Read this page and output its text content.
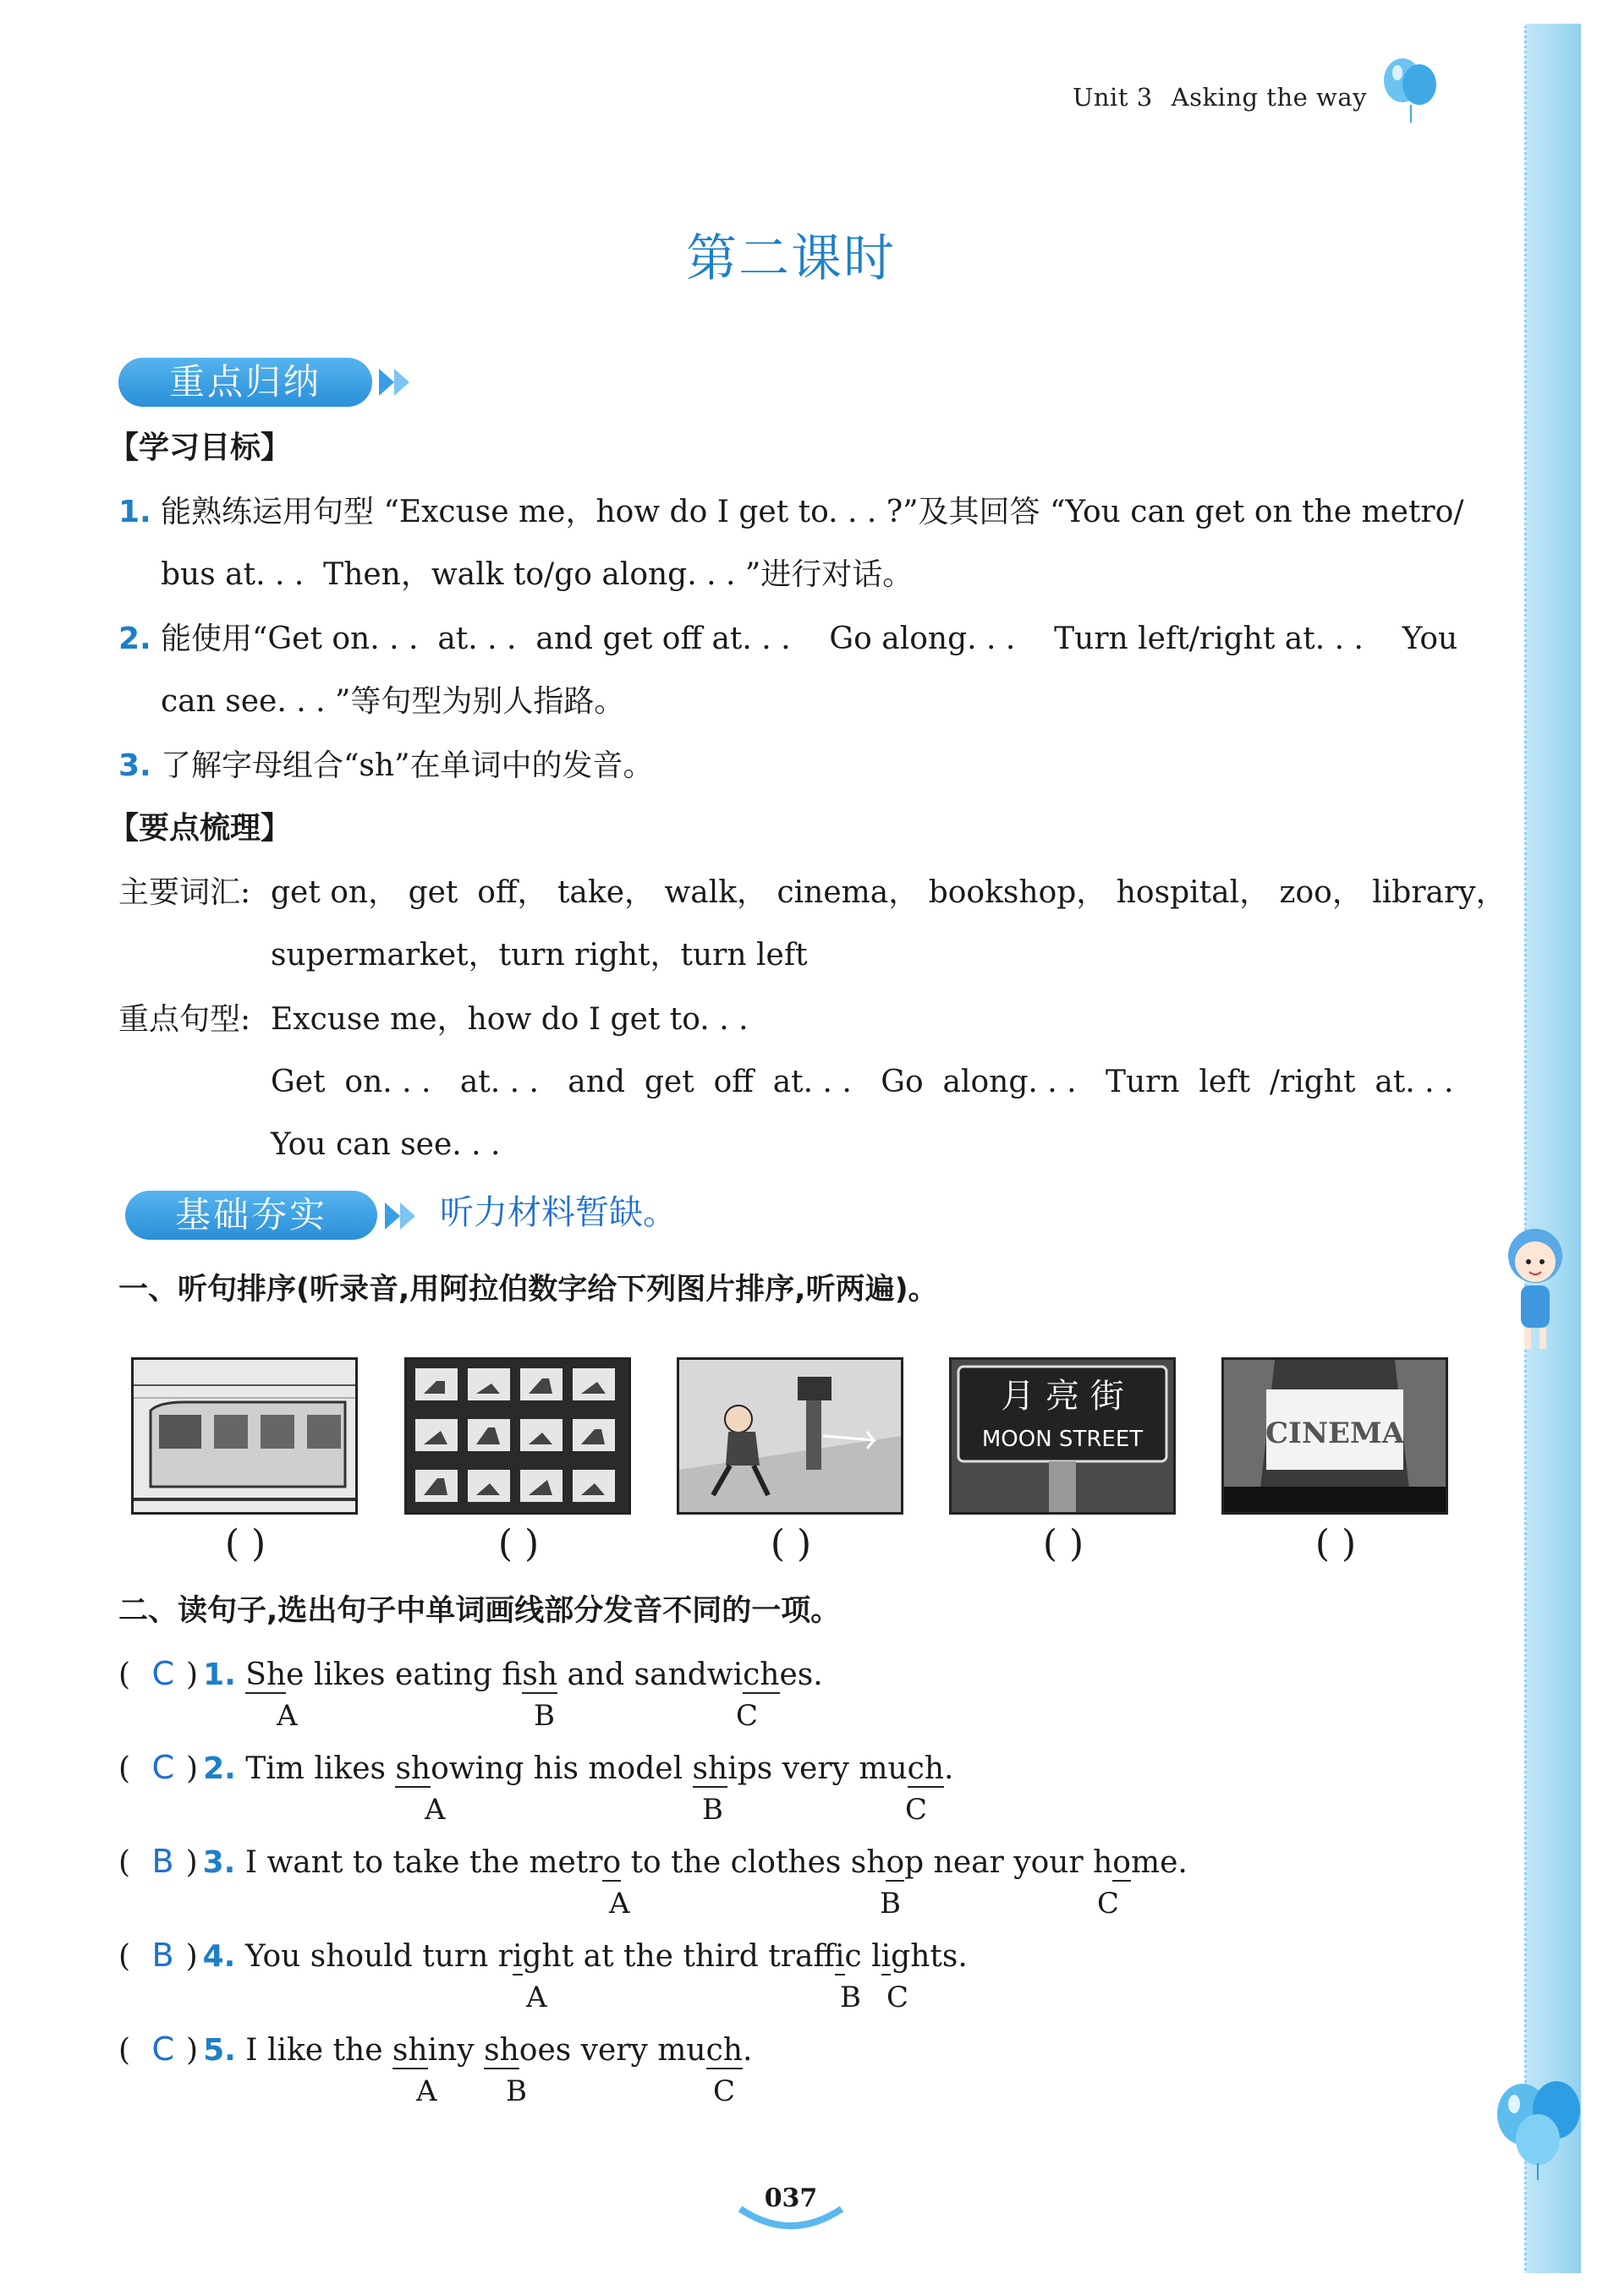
Unit 3 Asking the way
第二课时
重点归纳
【学习目标】
1. 能熟练运用句型 “Excuse me，how do I get to. . . ?”及其回答 “You can get on the metro/
bus at. . .  Then，walk to/go along. . . ”进行对话。
2. 能使用“Get on. . .  at. . .  and get off at. . .    Go along. . .    Turn left/right at. . .    You
can see. . . ”等句型为别人指路。
3. 了解字母组合“sh”在单词中的发音。
【要点梳理】
主要词汇: get on， get  off， take， walk， cinema， bookshop， hospital， zoo， library，
supermarket，turn right，turn left
重点句型: Excuse me，how do I get to. . .
Get  on. . .   at. . .   and  get  off  at. . .   Go  along. . .   Turn  left  /right  at. . .
You can see. . .
基础夯实	听力材料暂缺。
一、听句排序(听录音,用阿拉伯数字给下列图片排序,听两遍)。
月 亮 街
MOON STREET	CINEMA
( )	( )	( )	( )	( )
二、读句子,选出句子中单词画线部分发音不同的一项。
( C ) 1. She likes eating fish and sandwiches.
A	B	C
( C ) 2. Tim likes showing his model ships very much.
A	B	C
( B ) 3. I want to take the metro to the clothes shop near your home.
A	B	C
( B ) 4. You should turn right at the third traffic lights.
A	B C
( C ) 5. I like the shiny shoes very much.
A B	C
037
